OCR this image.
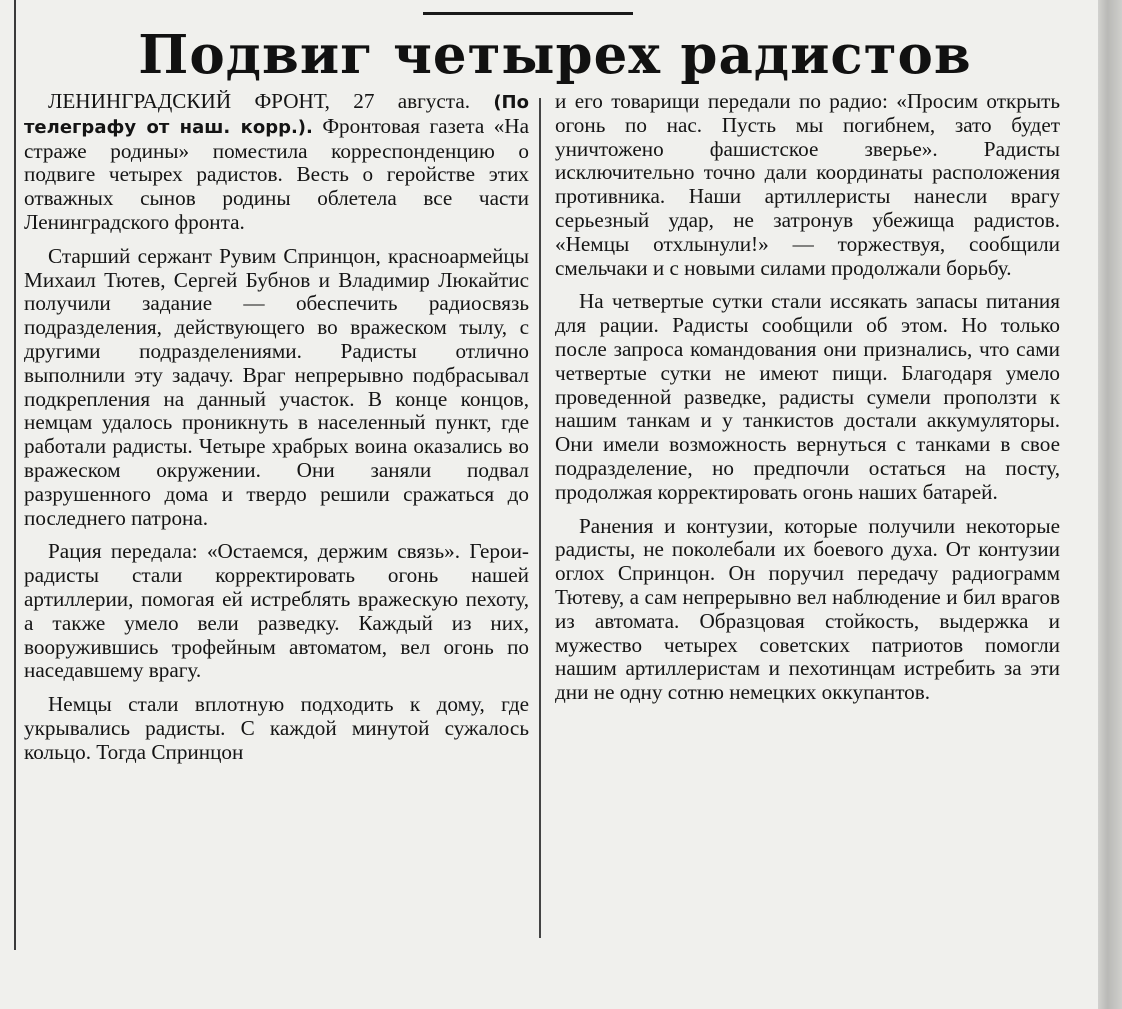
Подвиг четырех радистов

ЛЕНИНГРАДСКИЙ ФРОНТ, 27 августа. (По телеграфу от наш. корр.). Фронтовая газета «На страже родины» поместила корреспонденцию о подвиге четырех радистов. Весть о геройстве этих отважных сынов родины облетела все части Ленинградского фронта.

Старший сержант Рувим Спринцон, красноармейцы Михаил Тютев, Сергей Бубнов и Владимир Люкайтис получили задание — обеспечить радиосвязь подразделения, действующего во вражеском тылу, с другими подразделениями. Радисты отлично выполнили эту задачу. Враг непрерывно подбрасывал подкрепления на данный участок. В конце концов, немцам удалось проникнуть в населенный пункт, где работали радисты. Четыре храбрых воина оказались во вражеском окружении. Они заняли подвал разрушенного дома и твердо решили сражаться до последнего патрона.

Рация передала: «Остаемся, держим связь». Герои-радисты стали корректировать огонь нашей артиллерии, помогая ей истреблять вражескую пехоту, а также умело вели разведку. Каждый из них, вооружившись трофейным автоматом, вел огонь по наседавшему врагу.

Немцы стали вплотную подходить к дому, где укрывались радисты. С каждой минутой сужалось кольцо. Тогда Спринцон

и его товарищи передали по радио: «Просим открыть огонь по нас. Пусть мы погибнем, зато будет уничтожено фашистское зверье». Радисты исключительно точно дали координаты расположения противника. Наши артиллеристы нанесли врагу серьезный удар, не затронув убежища радистов. «Немцы отхлынули!» — торжествуя, сообщили смельчаки и с новыми силами продолжали борьбу.

На четвертые сутки стали иссякать запасы питания для рации. Радисты сообщили об этом. Но только после запроса командования они признались, что сами четвертые сутки не имеют пищи. Благодаря умело проведенной разведке, радисты сумели проползти к нашим танкам и у танкистов достали аккумуляторы. Они имели возможность вернуться с танками в свое подразделение, но предпочли остаться на посту, продолжая корректировать огонь наших батарей.

Ранения и контузии, которые получили некоторые радисты, не поколебали их боевого духа. От контузии оглох Спринцон. Он поручил передачу радиограмм Тютеву, а сам непрерывно вел наблюдение и бил врагов из автомата. Образцовая стойкость, выдержка и мужество четырех советских патриотов помогли нашим артиллеристам и пехотинцам истребить за эти дни не одну сотню немецких оккупантов.
